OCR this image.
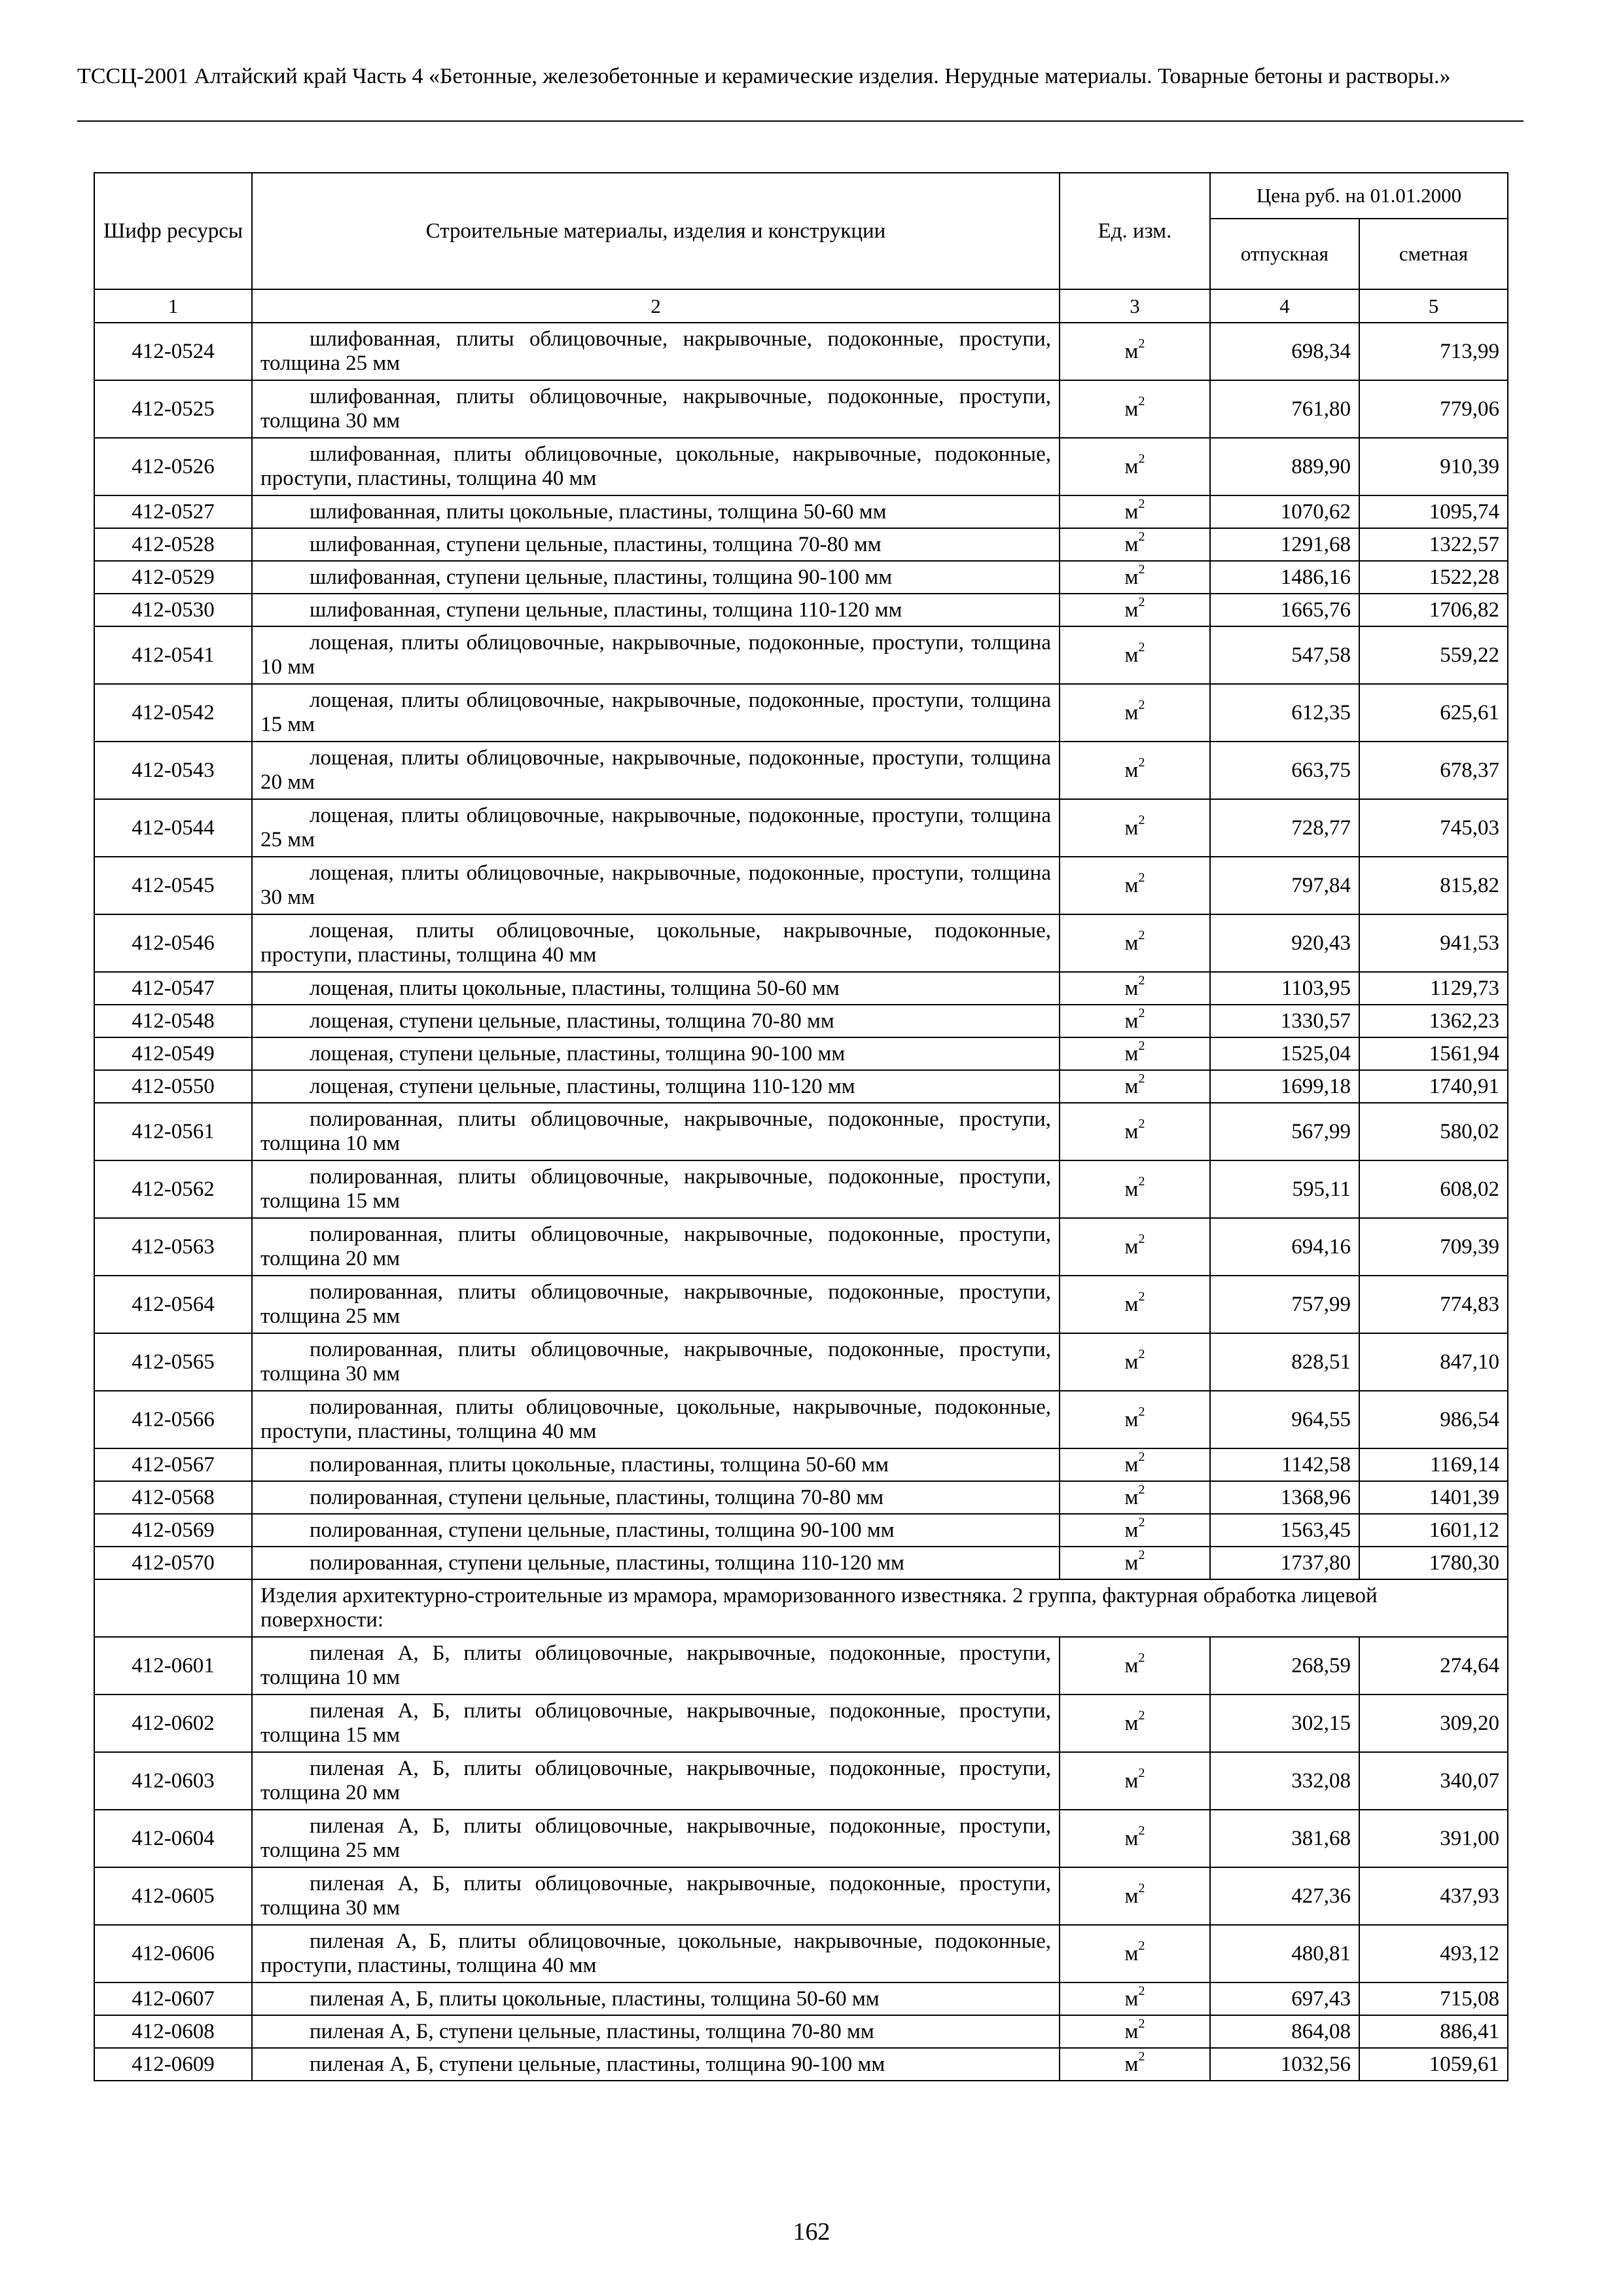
ТССЦ-2001 Алтайский край Часть 4 «Бетонные, железобетонные и керамические изделия. Нерудные материалы. Товарные бетоны и растворы.»
Шифр ресурсы	Строительные материалы, изделия и конструкции	Ед. изм.	Цена руб. на 01.01.2000	
			отпускная	сметная
1	2	3	4	5
412-0524	шлифованная, плиты облицовочные, накрывочные, подоконные, проступи, толщина 25 мм	$м^2$	698,34	713,99
412-0525	шлифованная, плиты облицовочные, накрывочные, подоконные, проступи, толщина 30 мм	$м^2$	761,80	779,06
412-0526	шлифованная, плиты облицовочные, цокольные, накрывочные, подоконные, проступи, пластины, толщина 40 мм	$м^2$	889,90	910,39
412-0527	шлифованная, плиты цокольные, пластины, толщина 50-60 мм	$м^2$	1070,62	1095,74
412-0528	шлифованная, ступени цельные, пластины, толщина 70-80 мм	$м^2$	1291,68	1322,57
412-0529	шлифованная, ступени цельные, пластины, толщина 90-100 мм	$м^2$	1486,16	1522,28
412-0530	шлифованная, ступени цельные, пластины, толщина 110-120 мм	$м^2$	1665,76	1706,82
412-0541	лощеная, плиты облицовочные, накрывочные, подоконные, проступи, толщина 10 мм	$м^2$	547,58	559,22
412-0542	лощеная, плиты облицовочные, накрывочные, подоконные, проступи, толщина 15 мм	$м^2$	612,35	625,61
412-0543	лощеная, плиты облицовочные, накрывочные, подоконные, проступи, толщина 20 мм	$м^2$	663,75	678,37
412-0544	лощеная, плиты облицовочные, накрывочные, подоконные, проступи, толщина 25 мм	$м^2$	728,77	745,03
412-0545	лощеная, плиты облицовочные, накрывочные, подоконные, проступи, толщина 30 мм	$м^2$	797,84	815,82
412-0546	лощеная, плиты облицовочные, цокольные, накрывочные, подоконные, проступи, пластины, толщина 40 мм	$м^2$	920,43	941,53
412-0547	лощеная, плиты цокольные, пластины, толщина 50-60 мм	$м^2$	1103,95	1129,73
412-0548	лощеная, ступени цельные, пластины, толщина 70-80 мм	$м^2$	1330,57	1362,23
412-0549	лощеная, ступени цельные, пластины, толщина 90-100 мм	$м^2$	1525,04	1561,94
412-0550	лощеная, ступени цельные, пластины, толщина 110-120 мм	$м^2$	1699,18	1740,91
412-0561	полированная, плиты облицовочные, накрывочные, подоконные, проступи, толщина 10 мм	$м^2$	567,99	580,02
412-0562	полированная, плиты облицовочные, накрывочные, подоконные, проступи, толщина 15 мм	$м^2$	595,11	608,02
412-0563	полированная, плиты облицовочные, накрывочные, подоконные, проступи, толщина 20 мм	$м^2$	694,16	709,39
412-0564	полированная, плиты облицовочные, накрывочные, подоконные, проступи, толщина 25 мм	$м^2$	757,99	774,83
412-0565	полированная, плиты облицовочные, накрывочные, подоконные, проступи, толщина 30 мм	$м^2$	828,51	847,10
412-0566	полированная, плиты облицовочные, цокольные, накрывочные, подоконные, проступи, пластины, толщина 40 мм	$м^2$	964,55	986,54
412-0567	полированная, плиты цокольные, пластины, толщина 50-60 мм	$м^2$	1142,58	1169,14
412-0568	полированная, ступени цельные, пластины, толщина 70-80 мм	$м^2$	1368,96	1401,39
412-0569	полированная, ступени цельные, пластины, толщина 90-100 мм	$м^2$	1563,45	1601,12
412-0570	полированная, ступени цельные, пластины, толщина 110-120 мм	$м^2$	1737,80	1780,30
	Изделия архитектурно-строительные из мрамора, мраморизованного известняка. 2 группа, фактурная обработка лицевой поверхности:			
412-0601	пиленая А, Б, плиты облицовочные, накрывочные, подоконные, проступи, толщина 10 мм	$м^2$	268,59	274,64
412-0602	пиленая А, Б, плиты облицовочные, накрывочные, подоконные, проступи, толщина 15 мм	$м^2$	302,15	309,20
412-0603	пиленая А, Б, плиты облицовочные, накрывочные, подоконные, проступи, толщина 20 мм	$м^2$	332,08	340,07
412-0604	пиленая А, Б, плиты облицовочные, накрывочные, подоконные, проступи, толщина 25 мм	$м^2$	381,68	391,00
412-0605	пиленая А, Б, плиты облицовочные, накрывочные, подоконные, проступи, толщина 30 мм	$м^2$	427,36	437,93
412-0606	пиленая А, Б, плиты облицовочные, цокольные, накрывочные, подоконные, проступи, пластины, толщина 40 мм	$м^2$	480,81	493,12
412-0607	пиленая А, Б, плиты цокольные, пластины, толщина 50-60 мм	$м^2$	697,43	715,08
412-0608	пиленая А, Б, ступени цельные, пластины, толщина 70-80 мм	$м^2$	864,08	886,41
412-0609	пиленая А, Б, ступени цельные, пластины, толщина 90-100 мм	$м^2$	1032,56	1059,61
162
